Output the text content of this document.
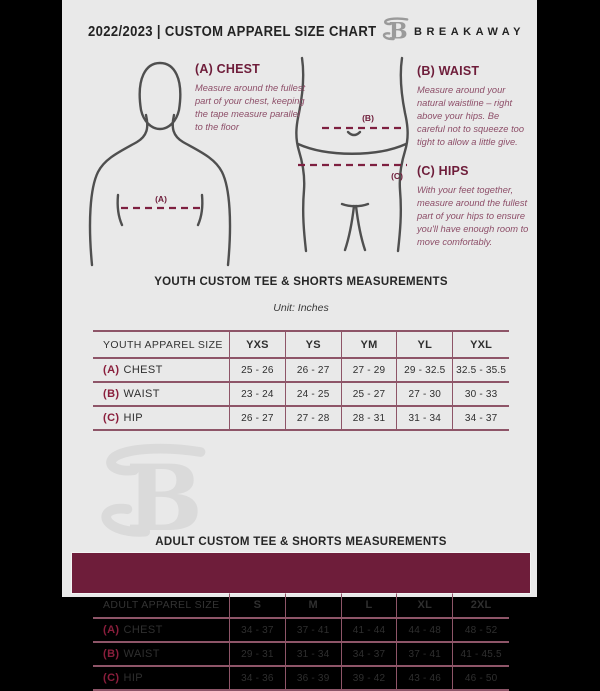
2022/2023 | CUSTOM APPAREL SIZE CHART	BREAKAWAY
(A)
(B)
(C)
(A) CHEST

Measure around the fullest part of your chest, keeping the tape measure parallel to the floor

(B) WAIST

Measure around your natural waistline – right above your hips. Be careful not to squeeze too tight to allow a little give.

(C) HIPS

With your feet together, measure around the fullest part of your hips to ensure you'll have enough room to move comfortably.

YOUTH CUSTOM TEE & SHORTS MEASUREMENTS
Unit: Inches
YOUTH APPAREL SIZE	YXS	YS	YM	YL	YXL
(A) CHEST	25 - 26	26 - 27	27 - 29	29 - 32.5	32.5 - 35.5
(B) WAIST	23 - 24	24 - 25	25 - 27	27 - 30	30 - 33
(C) HIP	26 - 27	27 - 28	28 - 31	31 - 34	34 - 37
ADULT CUSTOM TEE & SHORTS MEASUREMENTS
ADULT APPAREL SIZE	S	M	L	XL	2XL
(A) CHEST	34 - 37	37 - 41	41 - 44	44 - 48	48 - 52
(B) WAIST	29 - 31	31 - 34	34 - 37	37 - 41	41 - 45.5
(C) HIP	34 - 36	36 - 39	39 - 42	43 - 46	46 - 50
